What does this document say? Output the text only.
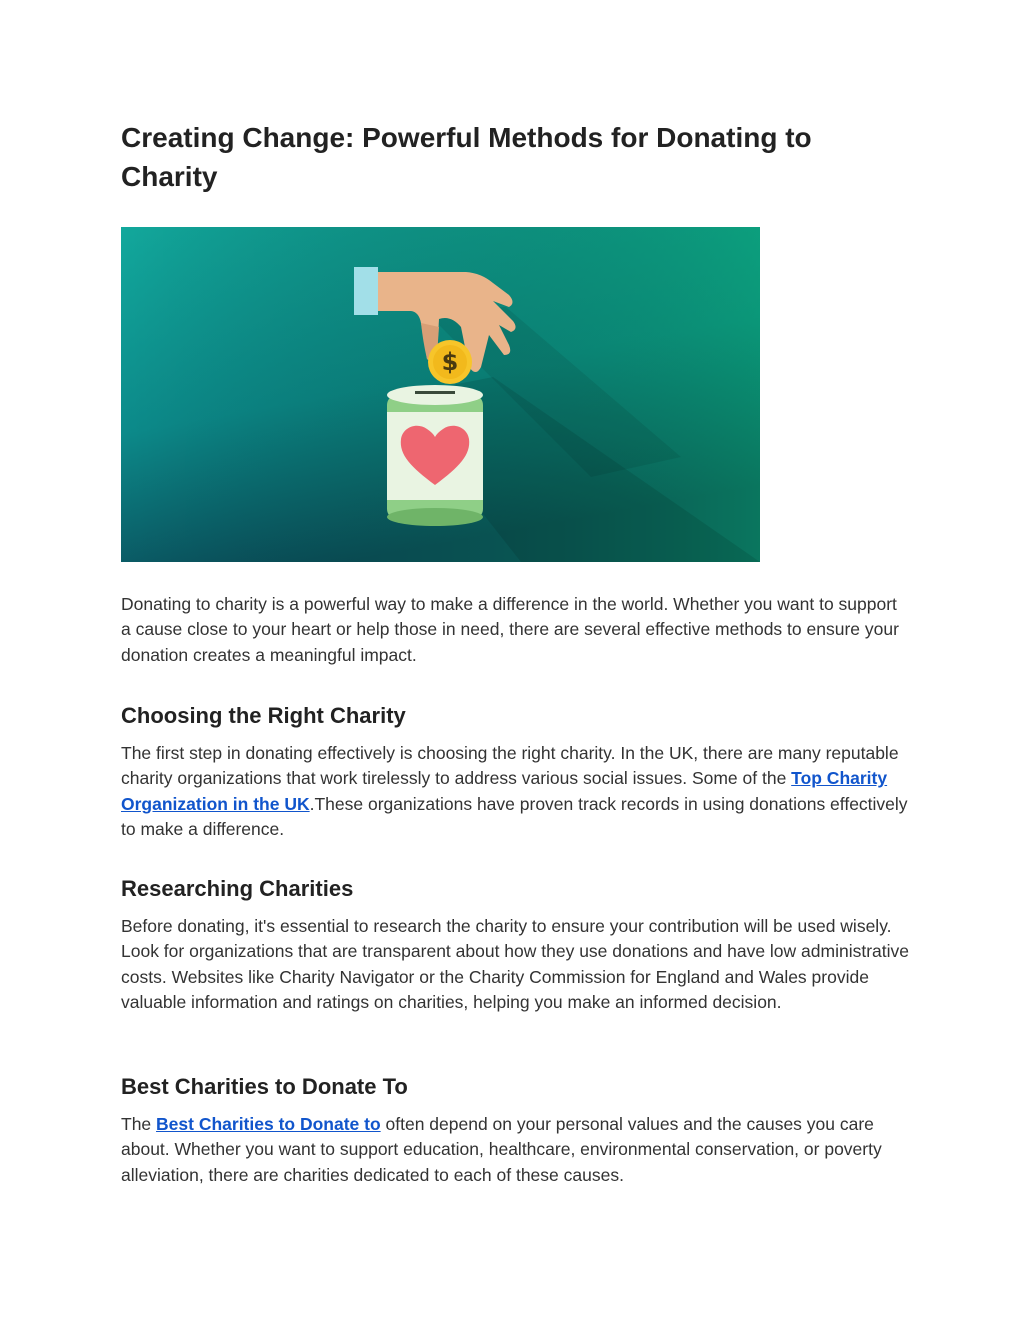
Creating Change: Powerful Methods for Donating to Charity
$

Donating to charity is a powerful way to make a difference in the world. Whether you want to support a cause close to your heart or help those in need, there are several effective methods to ensure your donation creates a meaningful impact.

Choosing the Right Charity

The first step in donating effectively is choosing the right charity. In the UK, there are many reputable charity organizations that work tirelessly to address various social issues. Some of the Top Charity Organization in the UK.These organizations have proven track records in using donations effectively to make a difference.

Researching Charities

Before donating, it's essential to research the charity to ensure your contribution will be used wisely. Look for organizations that are transparent about how they use donations and have low administrative costs. Websites like Charity Navigator or the Charity Commission for England and Wales provide valuable information and ratings on charities, helping you make an informed decision.

Best Charities to Donate To

The Best Charities to Donate to often depend on your personal values and the causes you care about. Whether you want to support education, healthcare, environmental conservation, or poverty alleviation, there are charities dedicated to each of these causes.
